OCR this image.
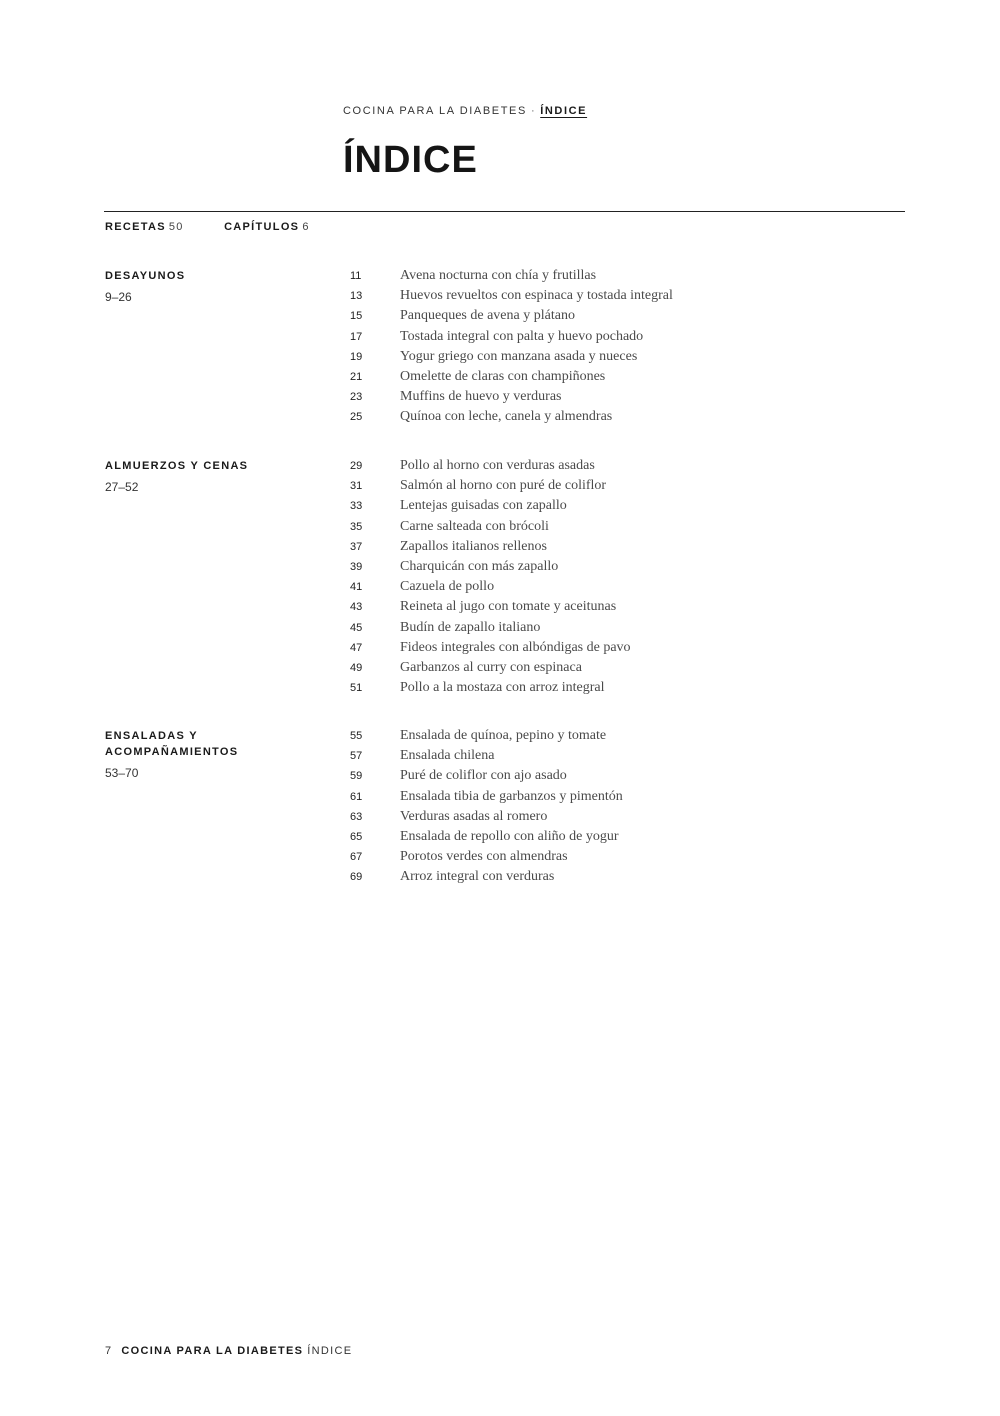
COCINA PARA LA DIABETES · ÍNDICE
ÍNDICE
RECETAS 50	CAPÍTULOS 6
DESAYUNOS
9–26
11	Avena nocturna con chía y frutillas
13	Huevos revueltos con espinaca y tostada integral
15	Panqueques de avena y plátano
17	Tostada integral con palta y huevo pochado
19	Yogur griego con manzana asada y nueces
21	Omelette de claras con champiñones
23	Muffins de huevo y verduras
25	Quínoa con leche, canela y almendras
ALMUERZOS Y CENAS
27–52
29	Pollo al horno con verduras asadas
31	Salmón al horno con puré de coliflor
33	Lentejas guisadas con zapallo
35	Carne salteada con brócoli
37	Zapallos italianos rellenos
39	Charquicán con más zapallo
41	Cazuela de pollo
43	Reineta al jugo con tomate y aceitunas
45	Budín de zapallo italiano
47	Fideos integrales con albóndigas de pavo
49	Garbanzos al curry con espinaca
51	Pollo a la mostaza con arroz integral
ENSALADAS Y ACOMPAÑAMIENTOS
53–70
55	Ensalada de quínoa, pepino y tomate
57	Ensalada chilena
59	Puré de coliflor con ajo asado
61	Ensalada tibia de garbanzos y pimentón
63	Verduras asadas al romero
65	Ensalada de repollo con aliño de yogur
67	Porotos verdes con almendras
69	Arroz integral con verduras
7 COCINA PARA LA DIABETES ÍNDICE
